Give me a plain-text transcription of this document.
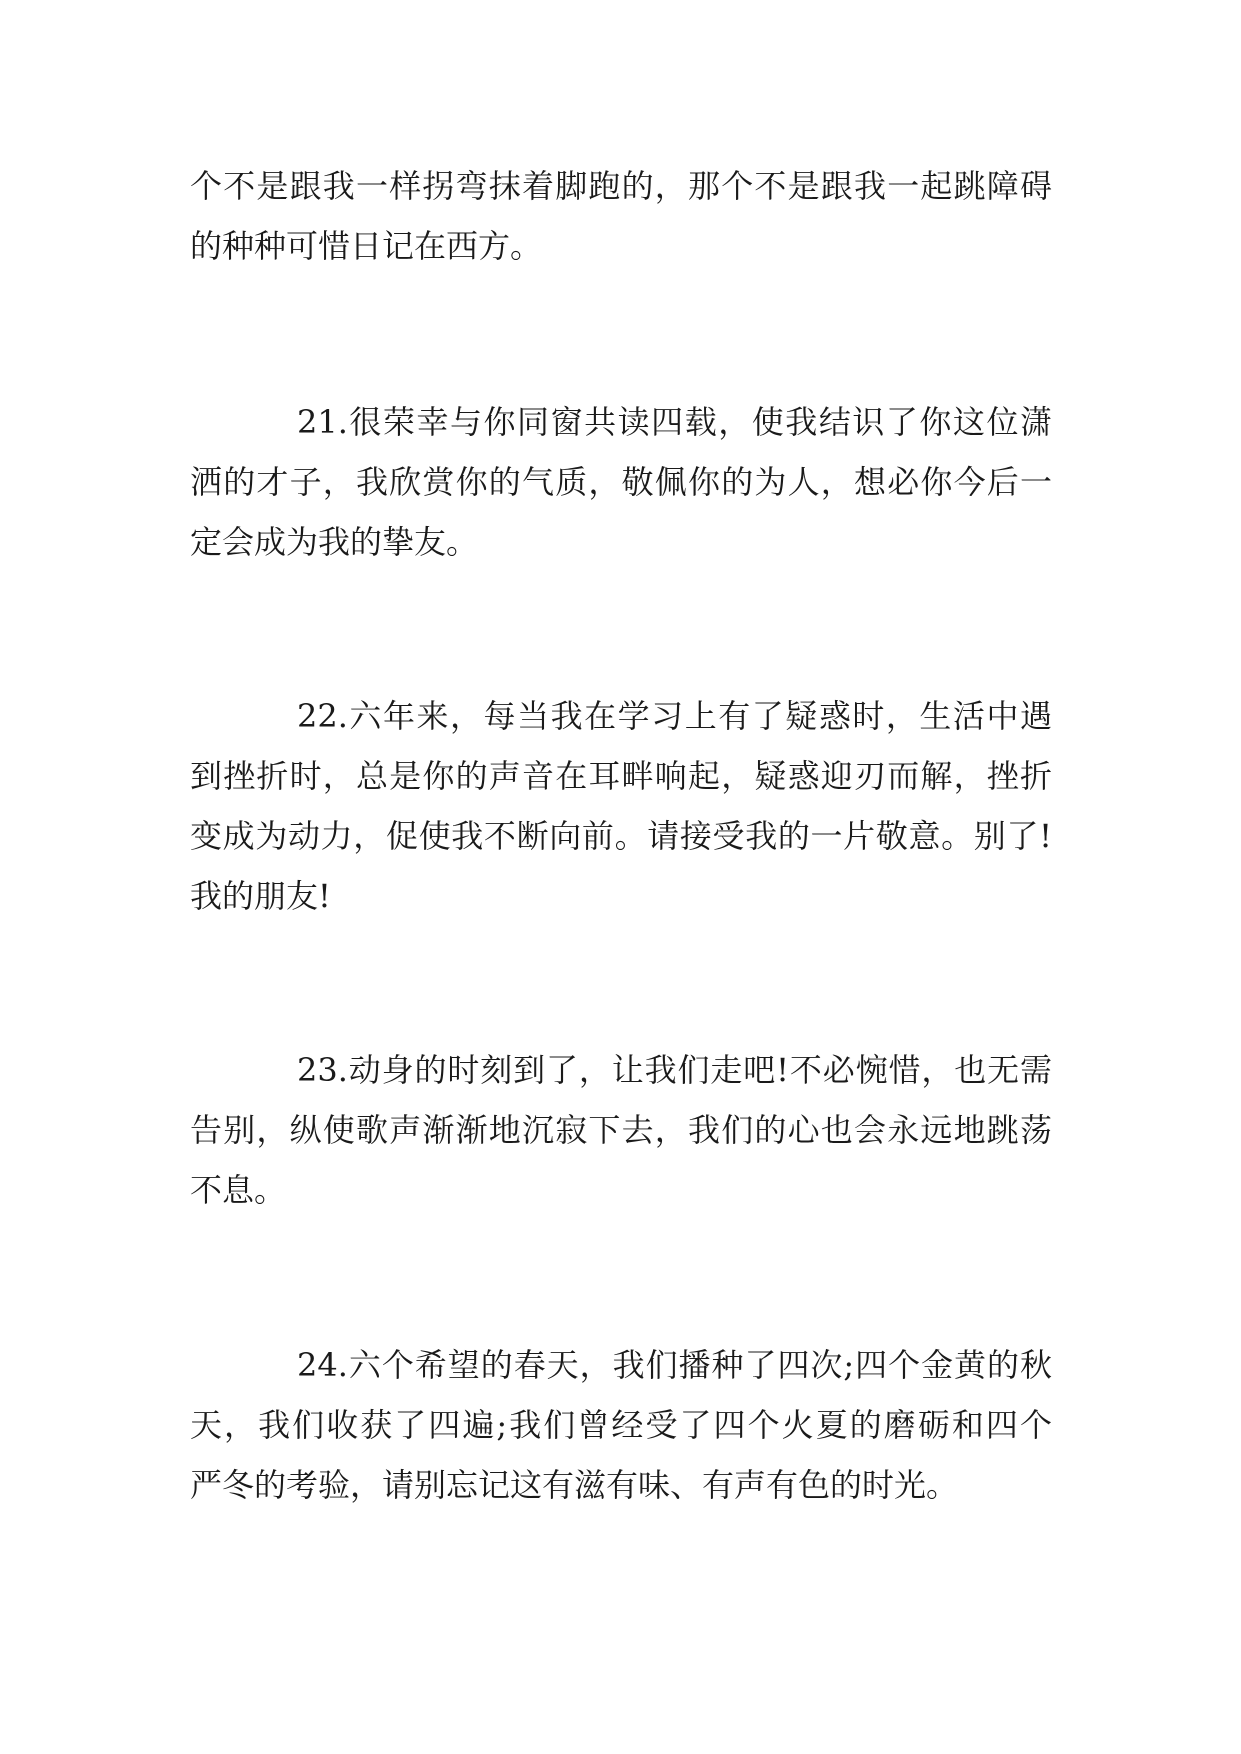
个不是跟我一样拐弯抹着脚跑的，那个不是跟我一起跳障碍
的种种可惜日记在西方。
21.很荣幸与你同窗共读四载，使我结识了你这位潇
洒的才子，我欣赏你的气质，敬佩你的为人，想必你今后一
定会成为我的挚友。
22.六年来，每当我在学习上有了疑惑时，生活中遇
到挫折时，总是你的声音在耳畔响起，疑惑迎刃而解，挫折
变成为动力，促使我不断向前。请接受我的一片敬意。别了!
我的朋友!
23.动身的时刻到了，让我们走吧!不必惋惜，也无需
告别，纵使歌声渐渐地沉寂下去，我们的心也会永远地跳荡
不息。
24.六个希望的春天，我们播种了四次;四个金黄的秋
天，我们收获了四遍;我们曾经受了四个火夏的磨砺和四个
严冬的考验，请别忘记这有滋有味、有声有色的时光。
